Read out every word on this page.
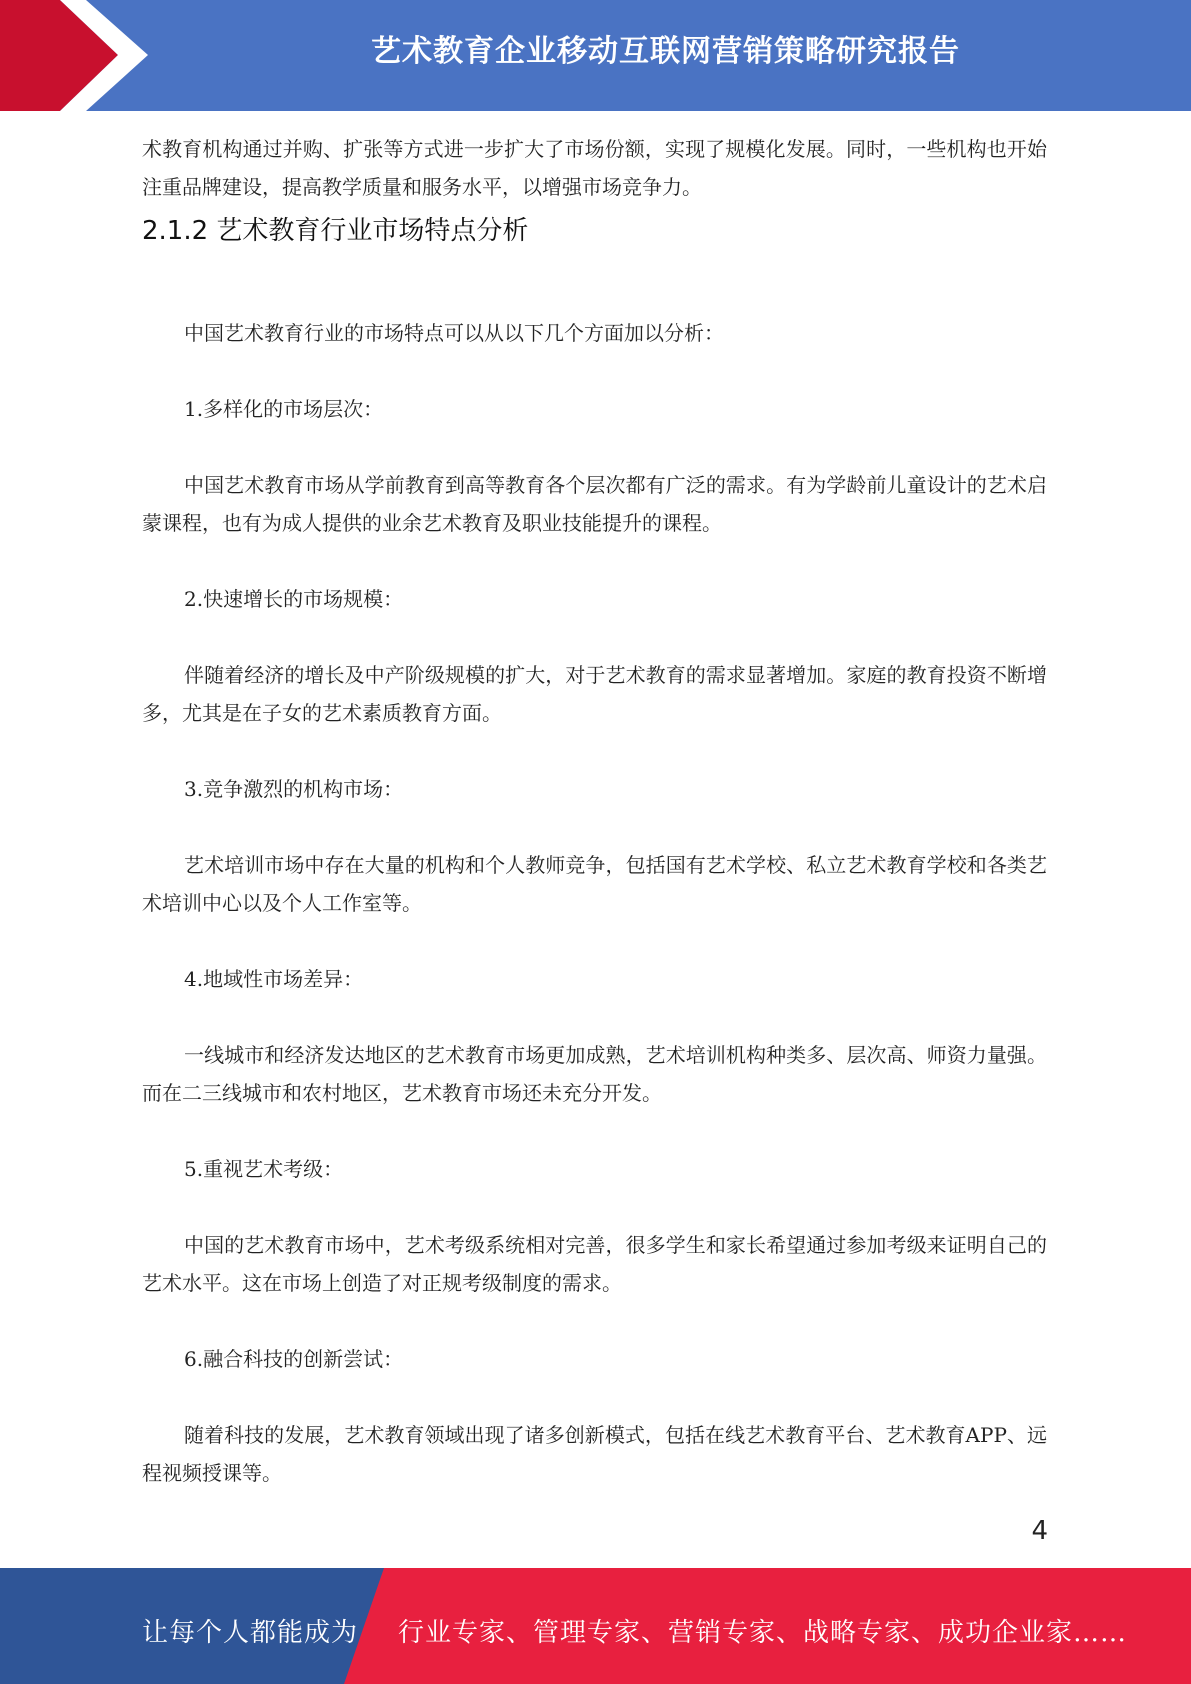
艺术教育企业移动互联网营销策略研究报告

术教育机构通过并购、扩张等方式进一步扩大了市场份额，实现了规模化发展。同时，一些机构也开始注重品牌建设，提高教学质量和服务水平，以增强市场竞争力。

2.1.2 艺术教育行业市场特点分析

中国艺术教育行业的市场特点可以从以下几个方面加以分析：

1.多样化的市场层次：

中国艺术教育市场从学前教育到高等教育各个层次都有广泛的需求。有为学龄前儿童设计的艺术启蒙课程，也有为成人提供的业余艺术教育及职业技能提升的课程。

2.快速增长的市场规模：

伴随着经济的增长及中产阶级规模的扩大，对于艺术教育的需求显著增加。家庭的教育投资不断增多，尤其是在子女的艺术素质教育方面。

3.竞争激烈的机构市场：

艺术培训市场中存在大量的机构和个人教师竞争，包括国有艺术学校、私立艺术教育学校和各类艺术培训中心以及个人工作室等。

4.地域性市场差异：

一线城市和经济发达地区的艺术教育市场更加成熟，艺术培训机构种类多、层次高、师资力量强。而在二三线城市和农村地区，艺术教育市场还未充分开发。

5.重视艺术考级：

中国的艺术教育市场中，艺术考级系统相对完善，很多学生和家长希望通过参加考级来证明自己的艺术水平。这在市场上创造了对正规考级制度的需求。

6.融合科技的创新尝试：

随着科技的发展，艺术教育领域出现了诸多创新模式，包括在线艺术教育平台、艺术教育APP、远程视频授课等。

4
让每个人都能成为 行业专家、管理专家、营销专家、战略专家、成功企业家……
